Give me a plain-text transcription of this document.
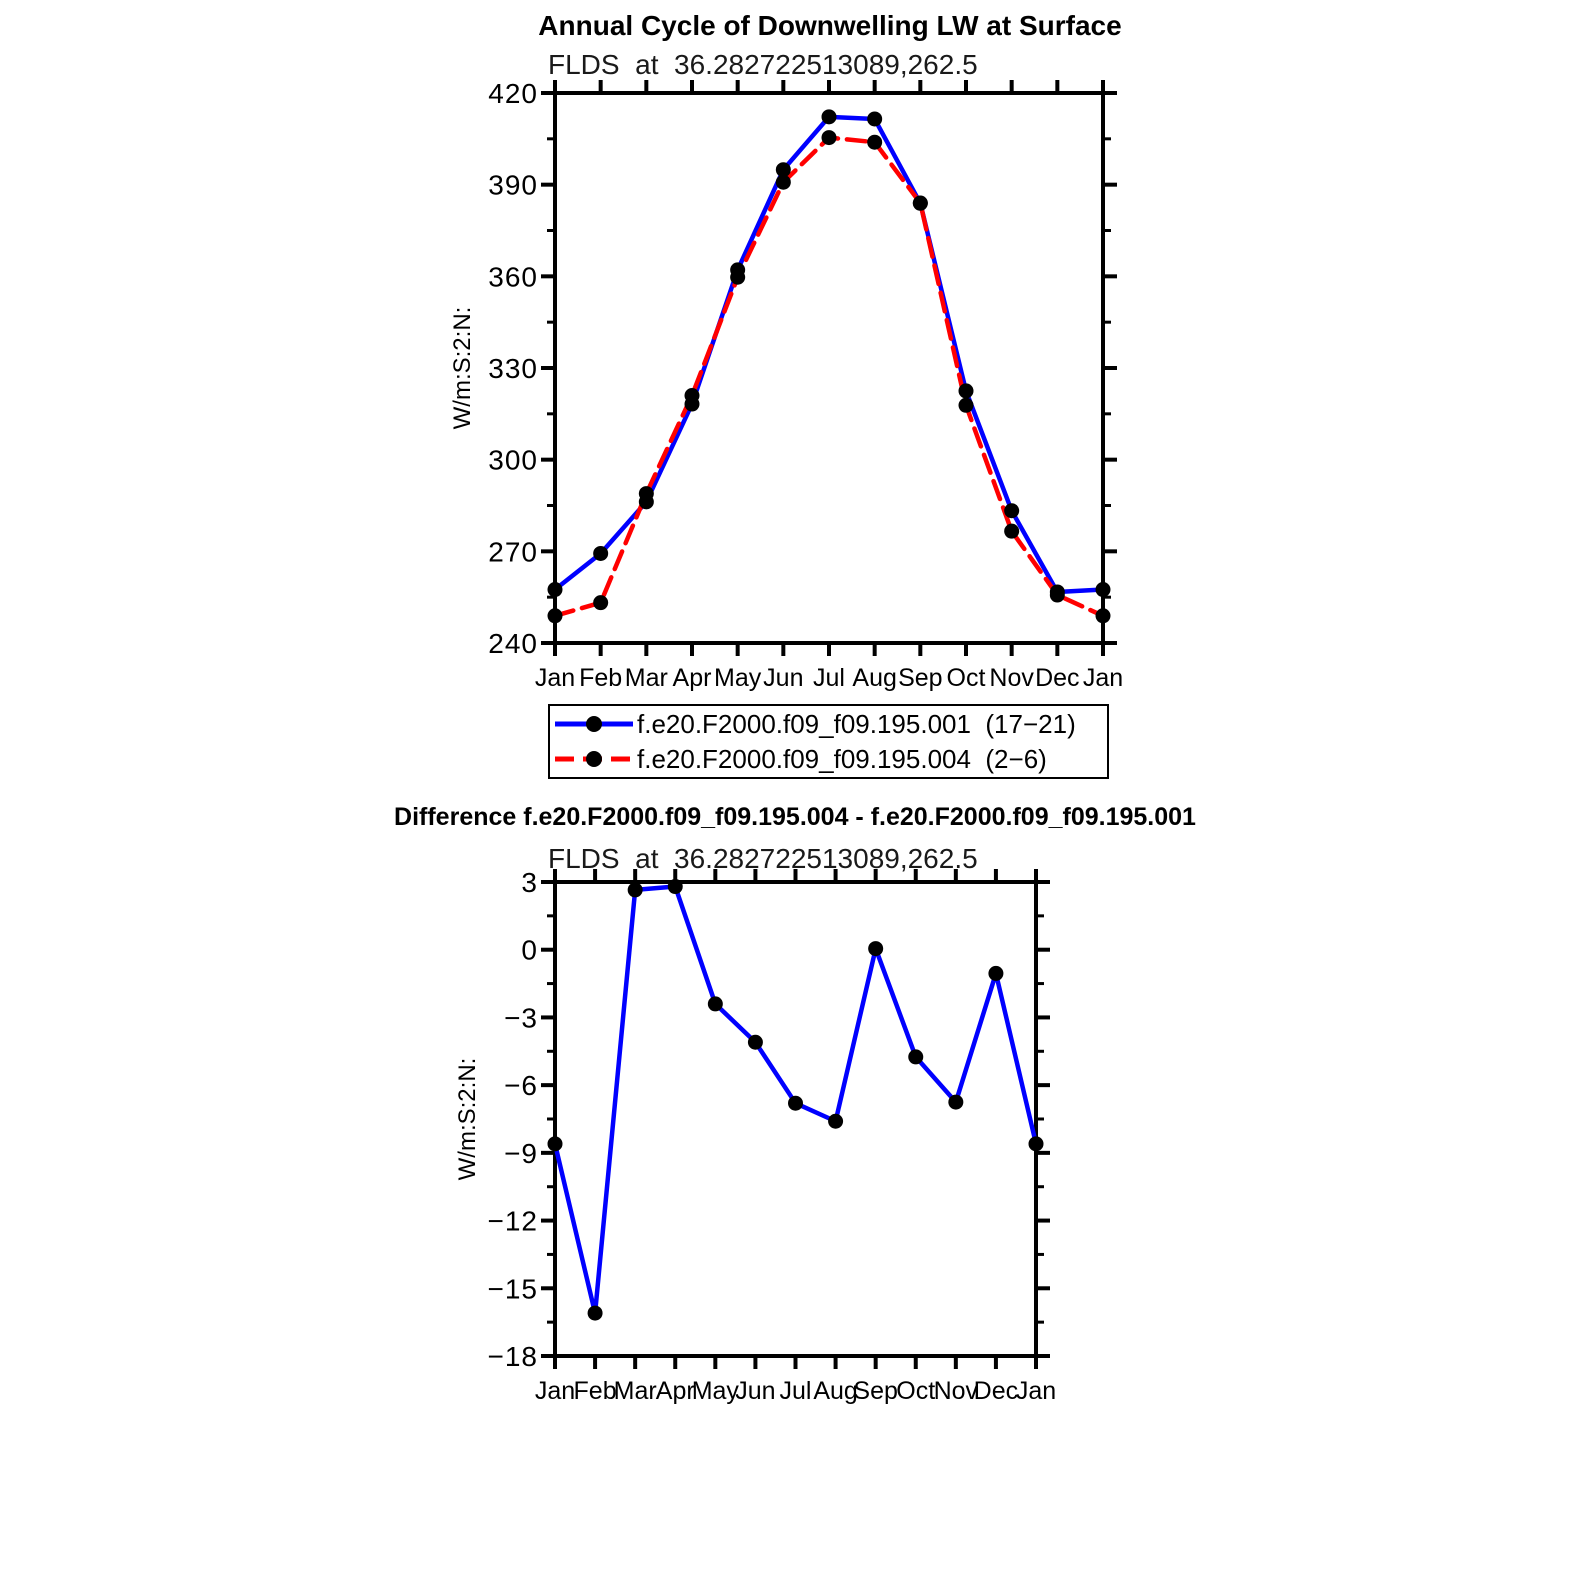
Annual Cycle of Downwelling LW at Surface
FLDS  at  36.282722513089,262.5
W/m:S:2:N:
420
390
360
330
300
270
240
Jan Feb Mar Apr May Jun Jul Aug Sep Oct Nov Dec Jan
3
0
−3
−6
−9
−12
−15
−18
Jan
Feb
Mar Apr
May
Jun Jul Aug
Sep
Oct
Nov
Dec
Jan
f.e20.F2000.f09_f09.195.001  (17−21)
f.e20.F2000.f09_f09.195.004  (2−6)
Difference f.e20.F2000.f09_f09.195.004 - f.e20.F2000.f09_f09.195.001
FLDS  at  36.282722513089,262.5
W/m:S:2:N:
